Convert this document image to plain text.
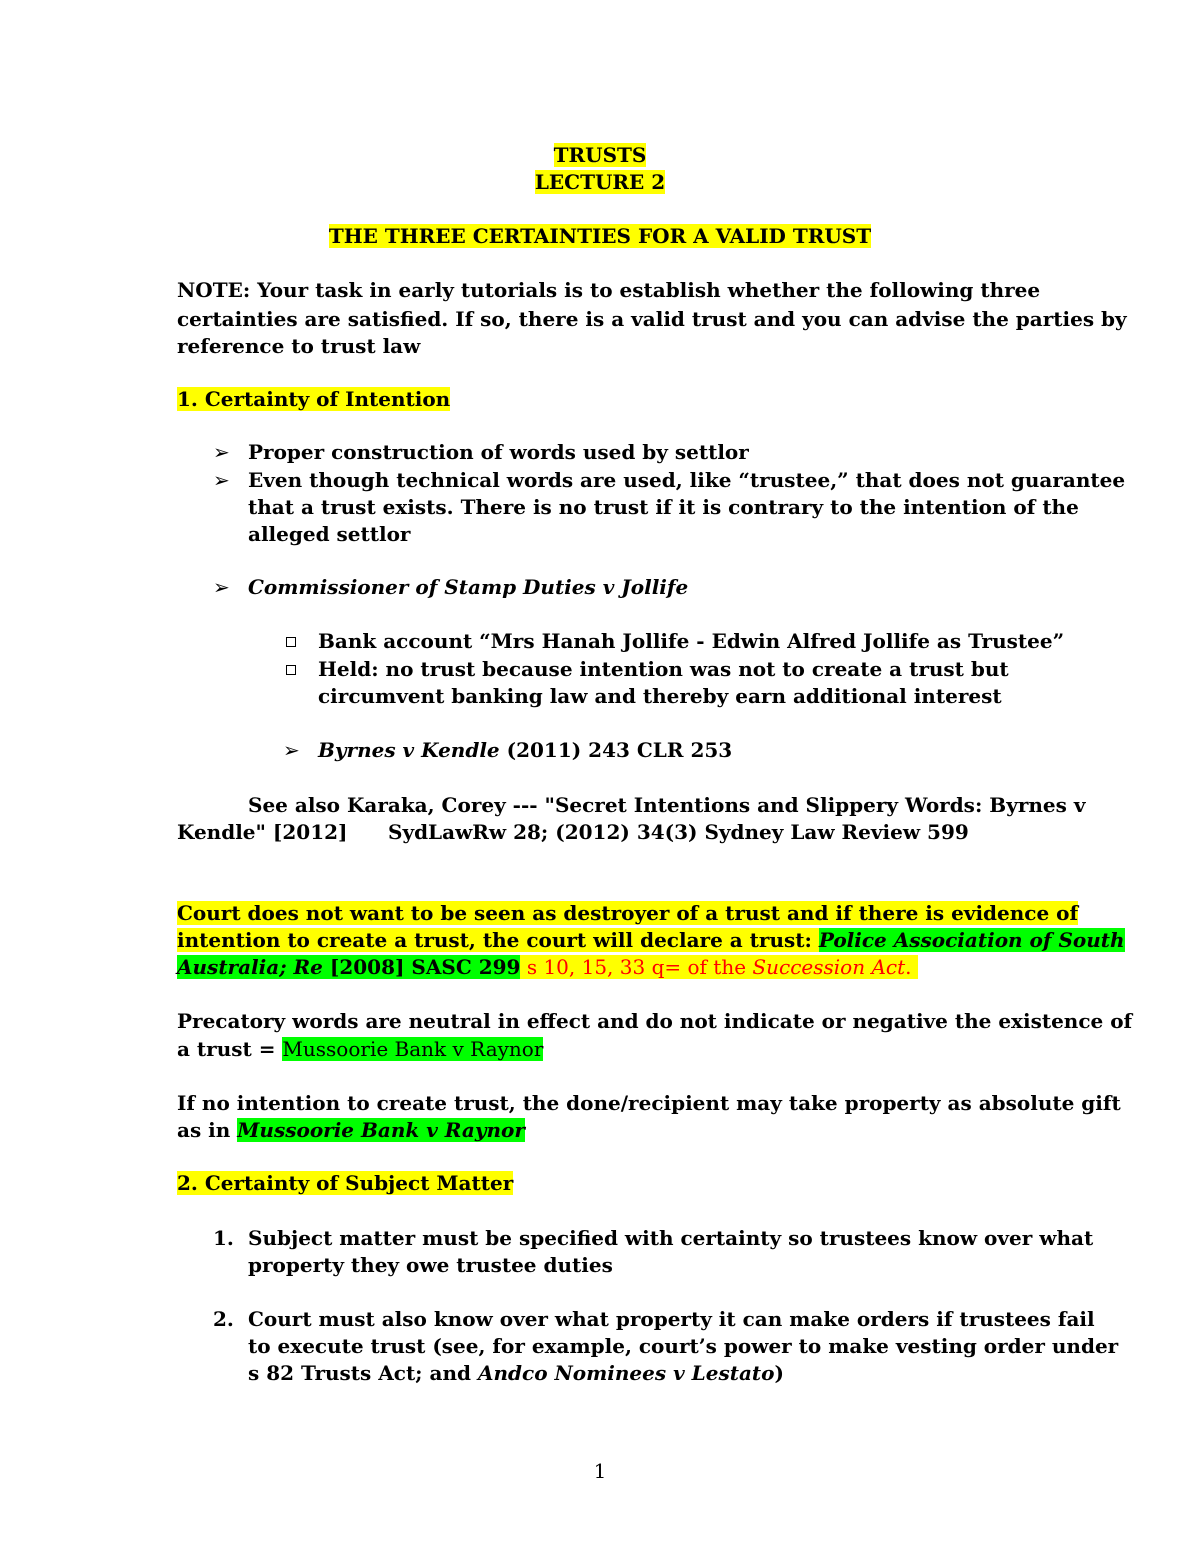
TRUSTS
LECTURE 2
THE THREE CERTAINTIES FOR A VALID TRUST
NOTE: Your task in early tutorials is to establish whether the following three
certainties are satisfied. If so, there is a valid trust and you can advise the parties by
reference to trust law
1. Certainty of Intention
➢ Proper construction of words used by settlor
➢ Even though technical words are used, like “trustee,” that does not guarantee
that a trust exists. There is no trust if it is contrary to the intention of the
alleged settlor
➢ Commissioner of Stamp Duties v Jollife
Bank account “Mrs Hanah Jollife - Edwin Alfred Jollife as Trustee”
Held: no trust because intention was not to create a trust but
circumvent banking law and thereby earn additional interest
➢ Byrnes v Kendle (2011) 243 CLR 253
See also Karaka, Corey --- "Secret Intentions and Slippery Words: Byrnes v
Kendle" [2012] SydLawRw 28; (2012) 34(3) Sydney Law Review 599
Court does not want to be seen as destroyer of a trust and if there is evidence of
intention to create a trust, the court will declare a trust: Police Association of South
Australia; Re [2008] SASC 299 s 10, 15, 33 q= of the Succession Act.
Precatory words are neutral in effect and do not indicate or negative the existence of
a trust = Mussoorie Bank v Raynor
If no intention to create trust, the done/recipient may take property as absolute gift
as in Mussoorie Bank v Raynor
2. Certainty of Subject Matter
1. Subject matter must be specified with certainty so trustees know over what
property they owe trustee duties
2. Court must also know over what property it can make orders if trustees fail
to execute trust (see, for example, court’s power to make vesting order under
s 82 Trusts Act; and Andco Nominees v Lestato)
1
